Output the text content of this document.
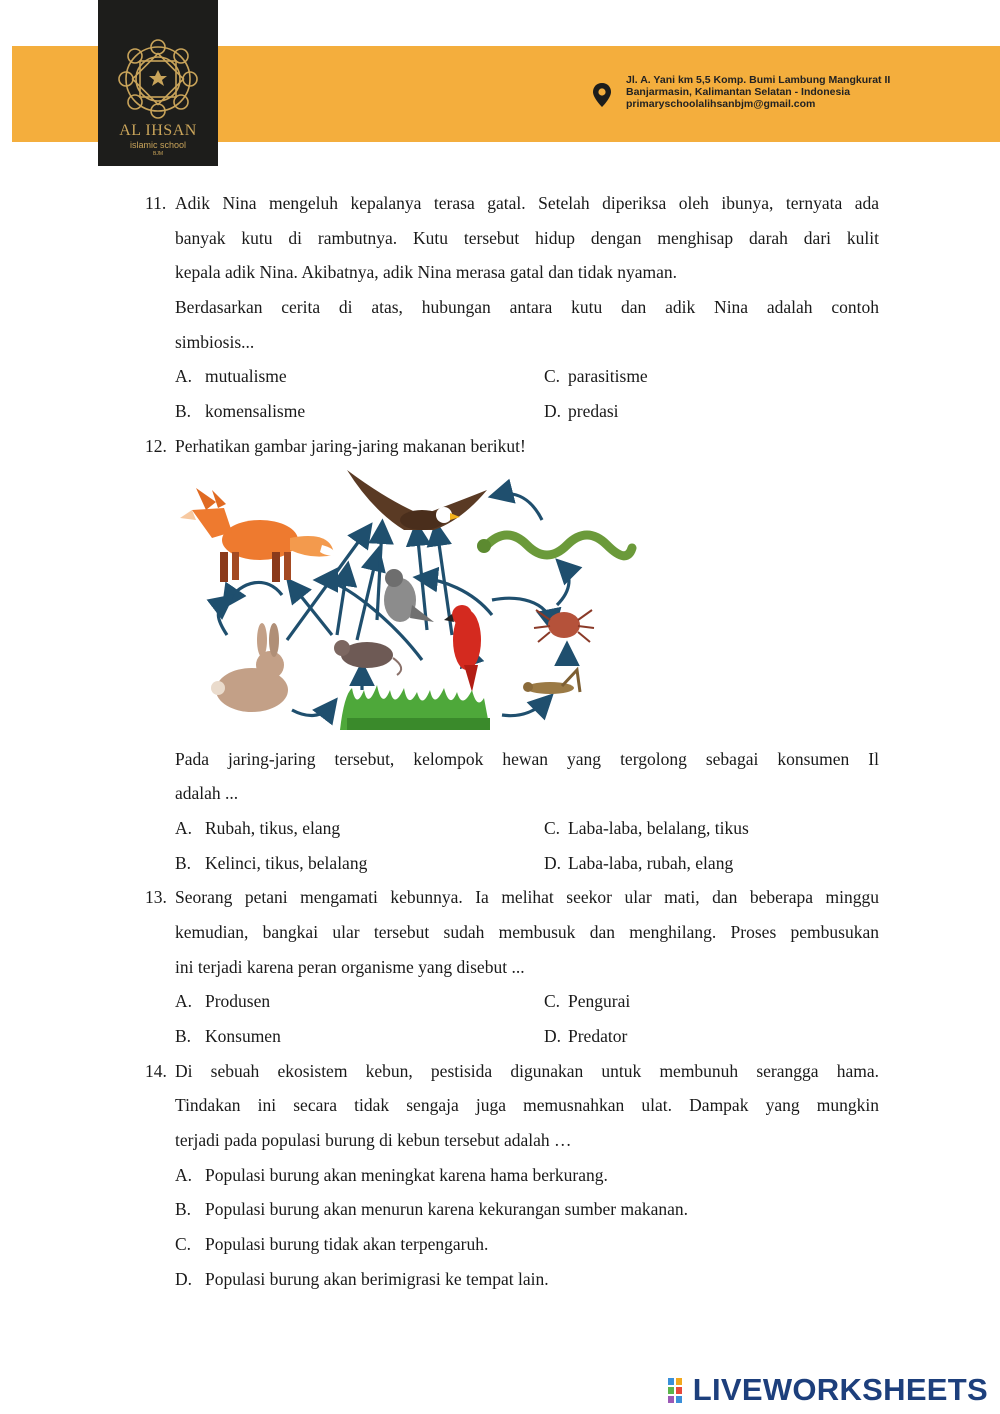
AL IHSAN
islamic school
BJM
Jl. A. Yani km 5,5 Komp. Bumi Lambung Mangkurat II
Banjarmasin, Kalimantan Selatan - Indonesia
primaryschoolalihsanbjm@gmail.com
11. Adik Nina mengeluh kepalanya terasa gatal. Setelah diperiksa oleh ibunya, ternyata ada
banyak kutu di rambutnya. Kutu tersebut hidup dengan menghisap darah dari kulit
kepala adik Nina. Akibatnya, adik Nina merasa gatal dan tidak nyaman.
Berdasarkan cerita di atas, hubungan antara kutu dan adik Nina adalah contoh
simbiosis...
A. mutualisme	C. parasitisme
B. komensalisme	D. predasi
12. Perhatikan gambar jaring-jaring makanan berikut!
Pada jaring-jaring tersebut, kelompok hewan yang tergolong sebagai konsumen Il
adalah ...
A. Rubah, tikus, elang	C. Laba-laba, belalang, tikus
B. Kelinci, tikus, belalang	D. Laba-laba, rubah, elang
13. Seorang petani mengamati kebunnya. Ia melihat seekor ular mati, dan beberapa minggu
kemudian, bangkai ular tersebut sudah membusuk dan menghilang. Proses pembusukan
ini terjadi karena peran organisme yang disebut ...
A. Produsen	C. Pengurai
B. Konsumen	D. Predator
14. Di sebuah ekosistem kebun, pestisida digunakan untuk membunuh serangga hama.
Tindakan ini secara tidak sengaja juga memusnahkan ulat. Dampak yang mungkin
terjadi pada populasi burung di kebun tersebut adalah …
A. Populasi burung akan meningkat karena hama berkurang.
B. Populasi burung akan menurun karena kekurangan sumber makanan.
C. Populasi burung tidak akan terpengaruh.
D. Populasi burung akan berimigrasi ke tempat lain.
LIVEWORKSHEETS
